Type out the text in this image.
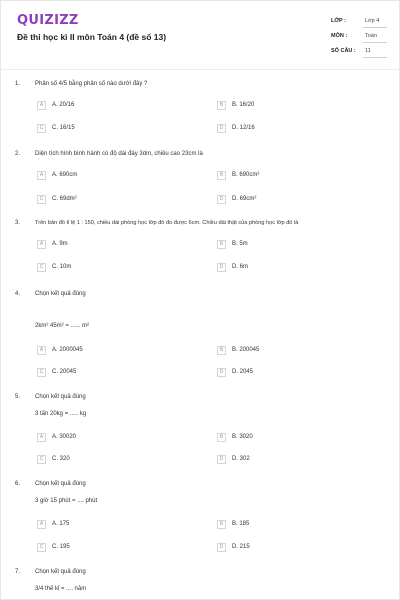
QUIZIZZ
Đề thi học kì II môn Toán 4 (đề số 13)
LỚP :	Lớp 4
MÔN :	Toán
SỐ CÂU : 11
1. Phân số 4/5 bằng phân số nào dưới đây ?
A	A. 20/16	B	B. 16/20
C	C. 16/15	D	D. 12/16
2. Diện tích hình bình hành có độ dài đáy 3dm, chiều cao 23cm là
A	A. 690cm	B	B. 690cm²
C	C. 69dm²	D	D. 69cm²
3.	Trên bản đồ tỉ lệ 1 : 150, chiều dài phòng học lớp đó đo được 6cm. Chiều dài thật của phòng học lớp đó là
A	A. 9m	B	B. 5m
C	C. 10m	D	D. 6m
4. Chọn kết quả đúng
2km² 45m² = ...... m²
A	A. 2000045	B	B. 200045
C	C. 20045	D	D. 2045
5. Chọn kết quả đúng
3 tấn 20kg = ..... kg
A	A. 30020	B	B. 3020
C	C. 320	D	D. 302
6. Chọn kết quả đúng
3 giờ 15 phút = .... phút
A	A. 175	B	B. 185
C	C. 195	D	D. 215
7. Chọn kết quả đúng
3/4 thế kỉ = .... năm
